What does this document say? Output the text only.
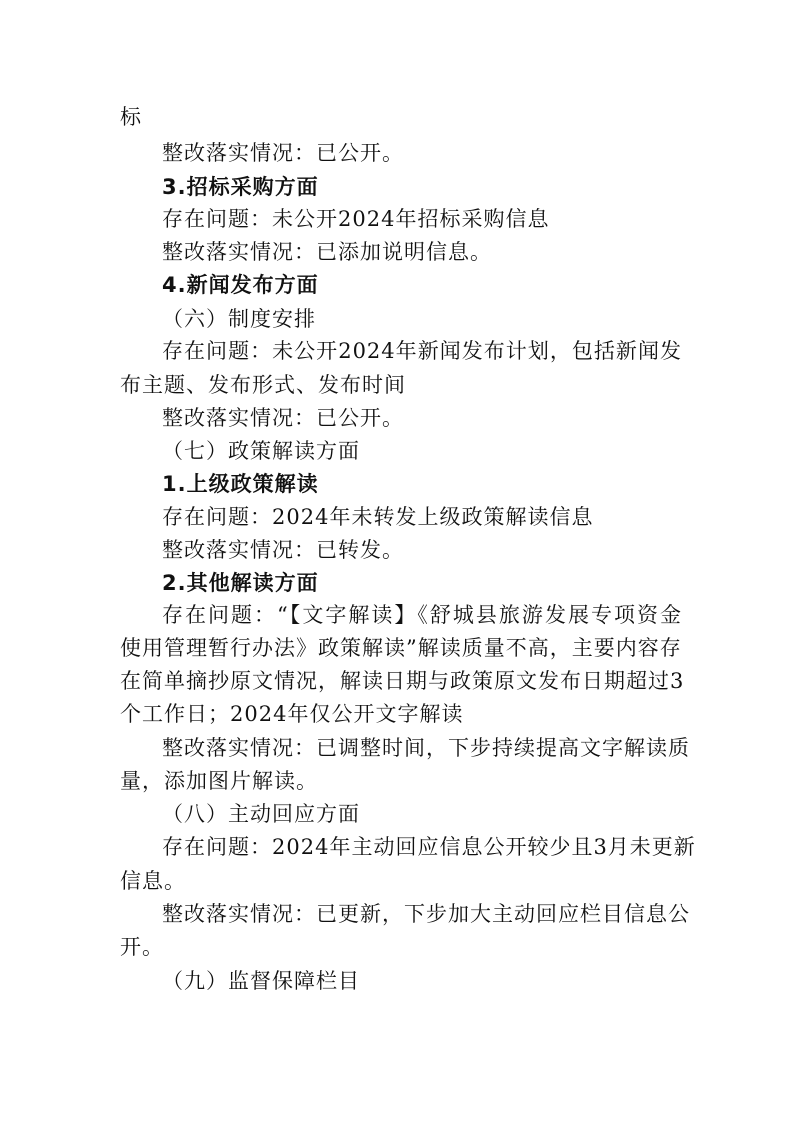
标
整改落实情况：已公开。
3.招标采购方面
存在问题：未公开2024年招标采购信息
整改落实情况：已添加说明信息。
4.新闻发布方面
（六）制度安排
存在问题：未公开2024年新闻发布计划，包括新闻发
布主题、发布形式、发布时间
整改落实情况：已公开。
（七）政策解读方面
1.上级政策解读
存在问题：2024年未转发上级政策解读信息
整改落实情况：已转发。
2.其他解读方面
存在问题：“【文字解读】《舒城县旅游发展专项资金
使用管理暂行办法》政策解读”解读质量不高，主要内容存
在简单摘抄原文情况，解读日期与政策原文发布日期超过3
个工作日；2024年仅公开文字解读
整改落实情况：已调整时间，下步持续提高文字解读质
量，添加图片解读。
（八）主动回应方面
存在问题：2024年主动回应信息公开较少且3月未更新
信息。
整改落实情况：已更新，下步加大主动回应栏目信息公
开。
（九）监督保障栏目
